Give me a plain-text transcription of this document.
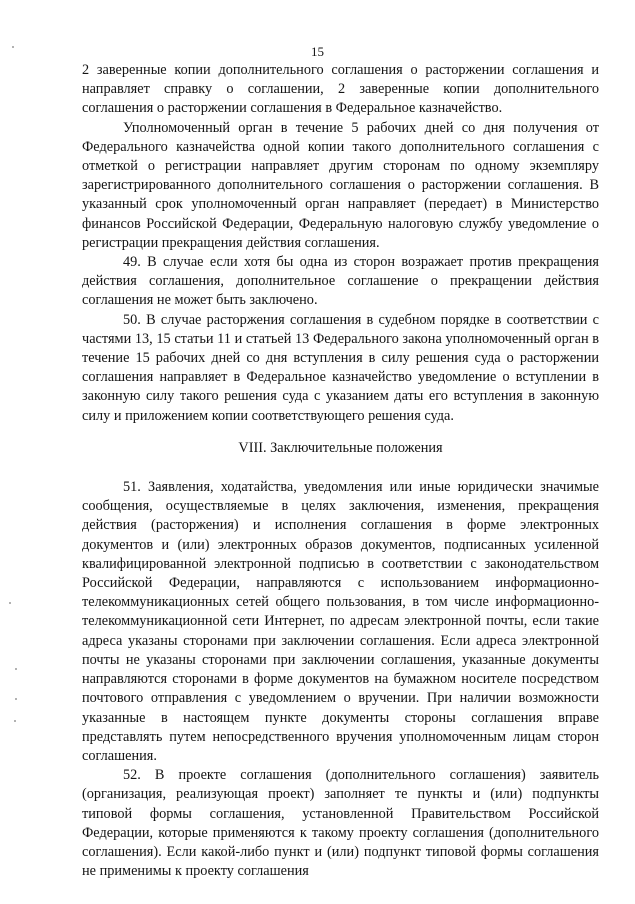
15

2 заверенные копии дополнительного соглашения о расторжении соглашения и направляет справку о соглашении, 2 заверенные копии дополнительного соглашения о расторжении соглашения в Федеральное казначейство.

Уполномоченный орган в течение 5 рабочих дней со дня получения от Федерального казначейства одной копии такого дополнительного соглашения с отметкой о регистрации направляет другим сторонам по одному экземпляру зарегистрированного дополнительного соглашения о расторжении соглашения. В указанный срок уполномоченный орган направляет (передает) в Министерство финансов Российской Федерации, Федеральную налоговую службу уведомление о регистрации прекращения действия соглашения.

49. В случае если хотя бы одна из сторон возражает против прекращения действия соглашения, дополнительное соглашение о прекращении действия соглашения не может быть заключено.

50. В случае расторжения соглашения в судебном порядке в соответствии с частями 13, 15 статьи 11 и статьей 13 Федерального закона уполномоченный орган в течение 15 рабочих дней со дня вступления в силу решения суда о расторжении соглашения направляет в Федеральное казначейство уведомление о вступлении в законную силу такого решения суда с указанием даты его вступления в законную силу и приложением копии соответствующего решения суда.

VIII. Заключительные положения

51. Заявления, ходатайства, уведомления или иные юридически значимые сообщения, осуществляемые в целях заключения, изменения, прекращения действия (расторжения) и исполнения соглашения в форме электронных документов и (или) электронных образов документов, подписанных усиленной квалифицированной электронной подписью в соответствии с законодательством Российской Федерации, направляются с использованием информационно-телекоммуникационных сетей общего пользования, в том числе информационно-телекоммуникационной сети Интернет, по адресам электронной почты, если такие адреса указаны сторонами при заключении соглашения. Если адреса электронной почты не указаны сторонами при заключении соглашения, указанные документы направляются сторонами в форме документов на бумажном носителе посредством почтового отправления с уведомлением о вручении. При наличии возможности указанные в настоящем пункте документы стороны соглашения вправе представлять путем непосредственного вручения уполномоченным лицам сторон соглашения.

52. В проекте соглашения (дополнительного соглашения) заявитель (организация, реализующая проект) заполняет те пункты и (или) подпункты типовой формы соглашения, установленной Правительством Российской Федерации, которые применяются к такому проекту соглашения (дополнительного соглашения). Если какой-либо пункт и (или) подпункт типовой формы соглашения не применимы к проекту соглашения
